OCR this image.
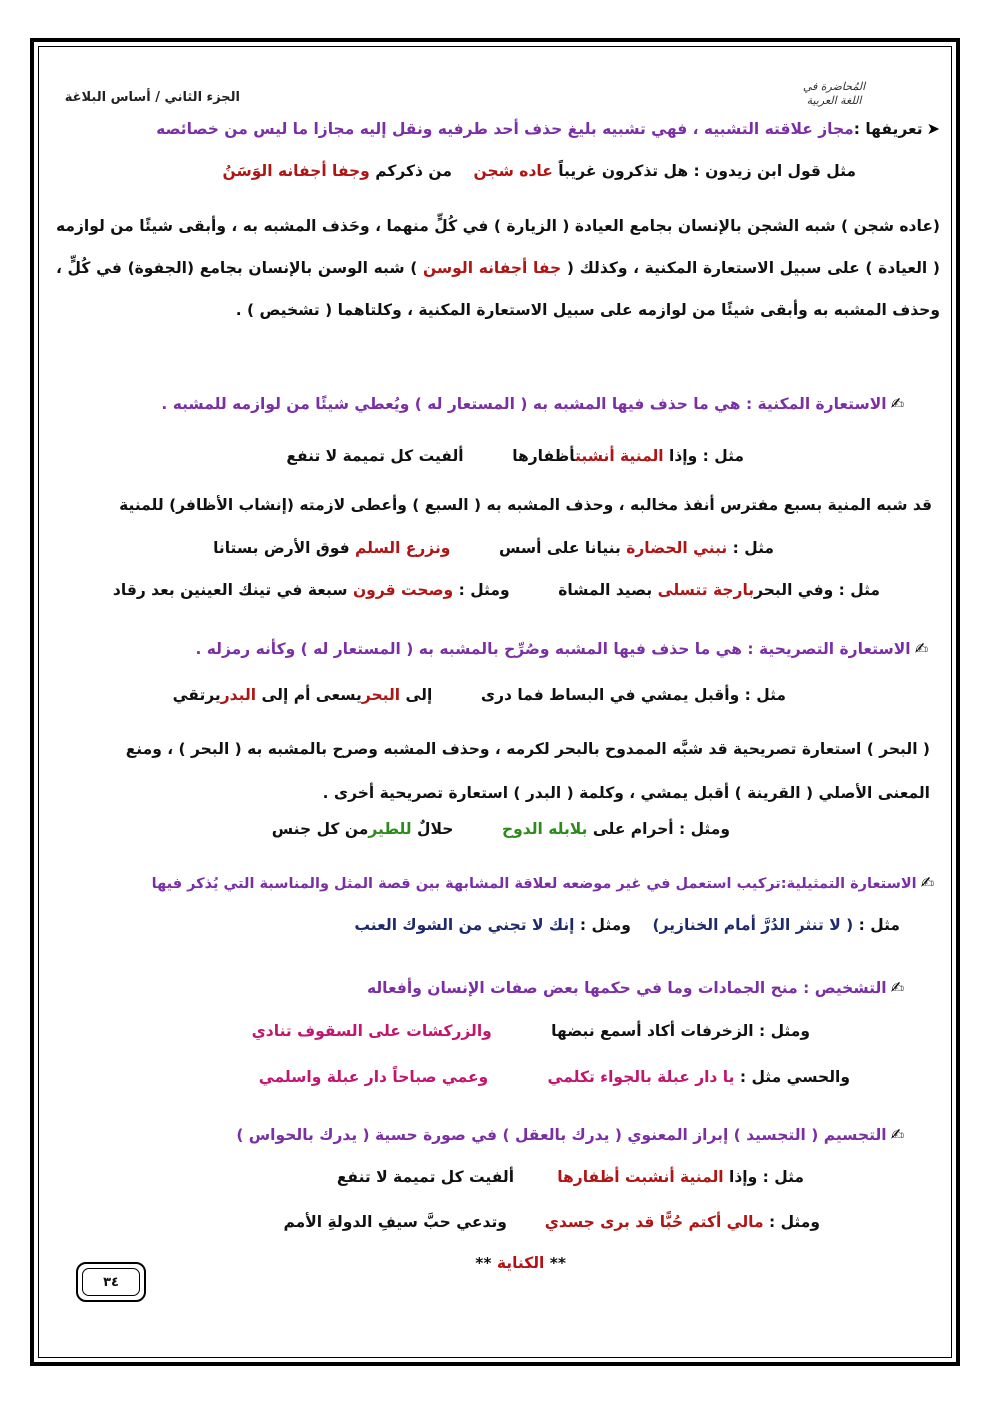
الجزء الثاني / أساس البلاغة
المُحاضرة في اللغة العربية
➤تعريفها :مجاز علاقته التشبيه ، فهي تشبيه بليغ حذف أحد طرفيه ونقل إليه مجازا ما ليس من خصائصه
مثل قول ابن زيدون : هل تذكرون غريباً عاده شجن    من ذكركم وجفا أجفانه الوَسَنُ
(عاده شجن ) شبه الشجن بالإنسان بجامع العيادة ( الزيارة ) في كُلٍّ منهما ، وحَذف المشبه به ، وأبقى شيئًا من لوازمه ( العيادة ) على سبيل الاستعارة المكنية ، وكذلك ( جفا أجفانه الوسن ) شبه الوسن بالإنسان بجامع (الجفوة) في كُلٍّ ، وحذف المشبه به وأبقى شيئًا من لوازمه على سبيل الاستعارة المكنية ، وكلتاهما ( تشخيص ) .
✍الاستعارة المكنية : هي ما حذف فيها المشبه به ( المستعار له ) ويُعطي شيئًا من لوازمه للمشبه .
مثل : وإذا المنية أنشبتأظفارها         ألفيت كل تميمة لا تنفع
قد شبه المنية بسبع مفترس أنفذ مخالبه ، وحذف المشبه به ( السبع ) وأعطى لازمته (إنشاب الأظافر) للمنية
مثل : نبني الحضارة بنيانا على أسس         ونزرع السلم فوق الأرض بستانا
مثل : وفي البحربارجة تتسلى بصيد المشاة         ومثل : وصحت قرون سبعة في تينك العينين بعد رقاد
✍الاستعارة التصريحية : هي ما حذف فيها المشبه وصُرِّح بالمشبه به ( المستعار له ) وكأنه رمزله .
مثل : وأقبل يمشي في البساط فما درى         إلى البحريسعى أم إلى البدريرتقي
( البحر ) استعارة تصريحية قد شبَّه الممدوح بالبحر لكرمه ، وحذف المشبه وصرح بالمشبه به ( البحر ) ، ومنع المعنى الأصلي ( القرينة ) أقبل يمشي ، وكلمة ( البدر ) استعارة تصريحية أخرى .
ومثل : أحرام على بلابله الدوح         حلالٌ للطيرمن كل جنس
✍الاستعارة التمثيلية:تركيب استعمل في غير موضعه لعلاقة المشابهة بين قصة المثل والمناسبة التي يُذكر فيها
مثل : ( لا تنثر الدُرَّ أمام الخنازير)    ومثل : إنك لا تجني من الشوك العنب
✍التشخيص : منح الجمادات وما في حكمها بعض صفات الإنسان وأفعاله
ومثل : الزخرفات أكاد أسمع نبضها           والزركشات على السقوف تنادي
والحسي مثل : يا دار عبلة بالجواء تكلمي           وعمي صباحاً دار عبلة واسلمي
✍التجسيم ( التجسيد ) إبراز المعنوي ( يدرك بالعقل ) في صورة حسية ( يدرك بالحواس )
مثل : وإذا المنية أنشبت أظفارها        ألفيت كل تميمة لا تنفع
ومثل : مالي أكتم حُبًّا قد برى جسدي       وتدعي حبَّ سيفِ الدولةِ الأمم
** الكناية **
٣٤
